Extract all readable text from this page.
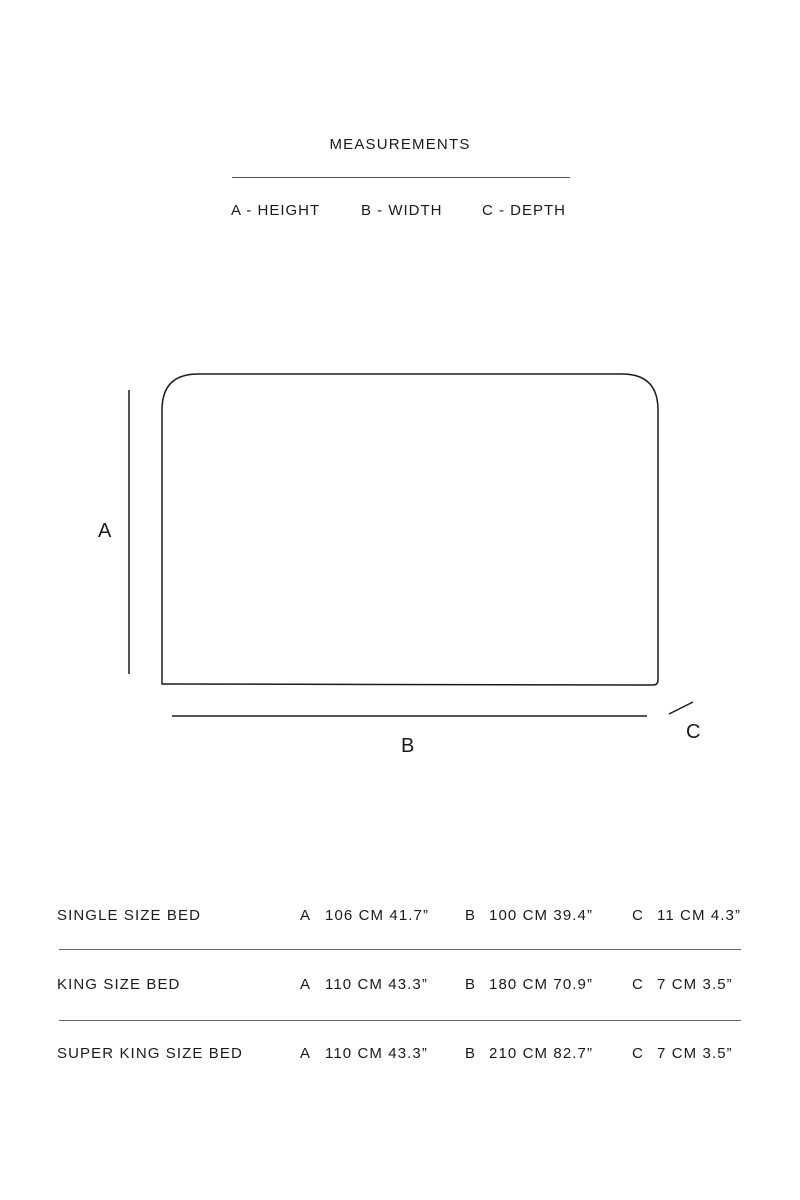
MEASUREMENTS
A - HEIGHT	B - WIDTH	C - DEPTH
A
B
C
SINGLE SIZE BED	A 106 CM 41.7” B 100 CM 39.4”	C 11 CM 4.3”
KING SIZE BED	A 110 CM 43.3” B 180 CM 70.9”	C 7 CM 3.5”
SUPER KING SIZE BED	A 110 CM 43.3” B 210 CM 82.7”	C 7 CM 3.5”
